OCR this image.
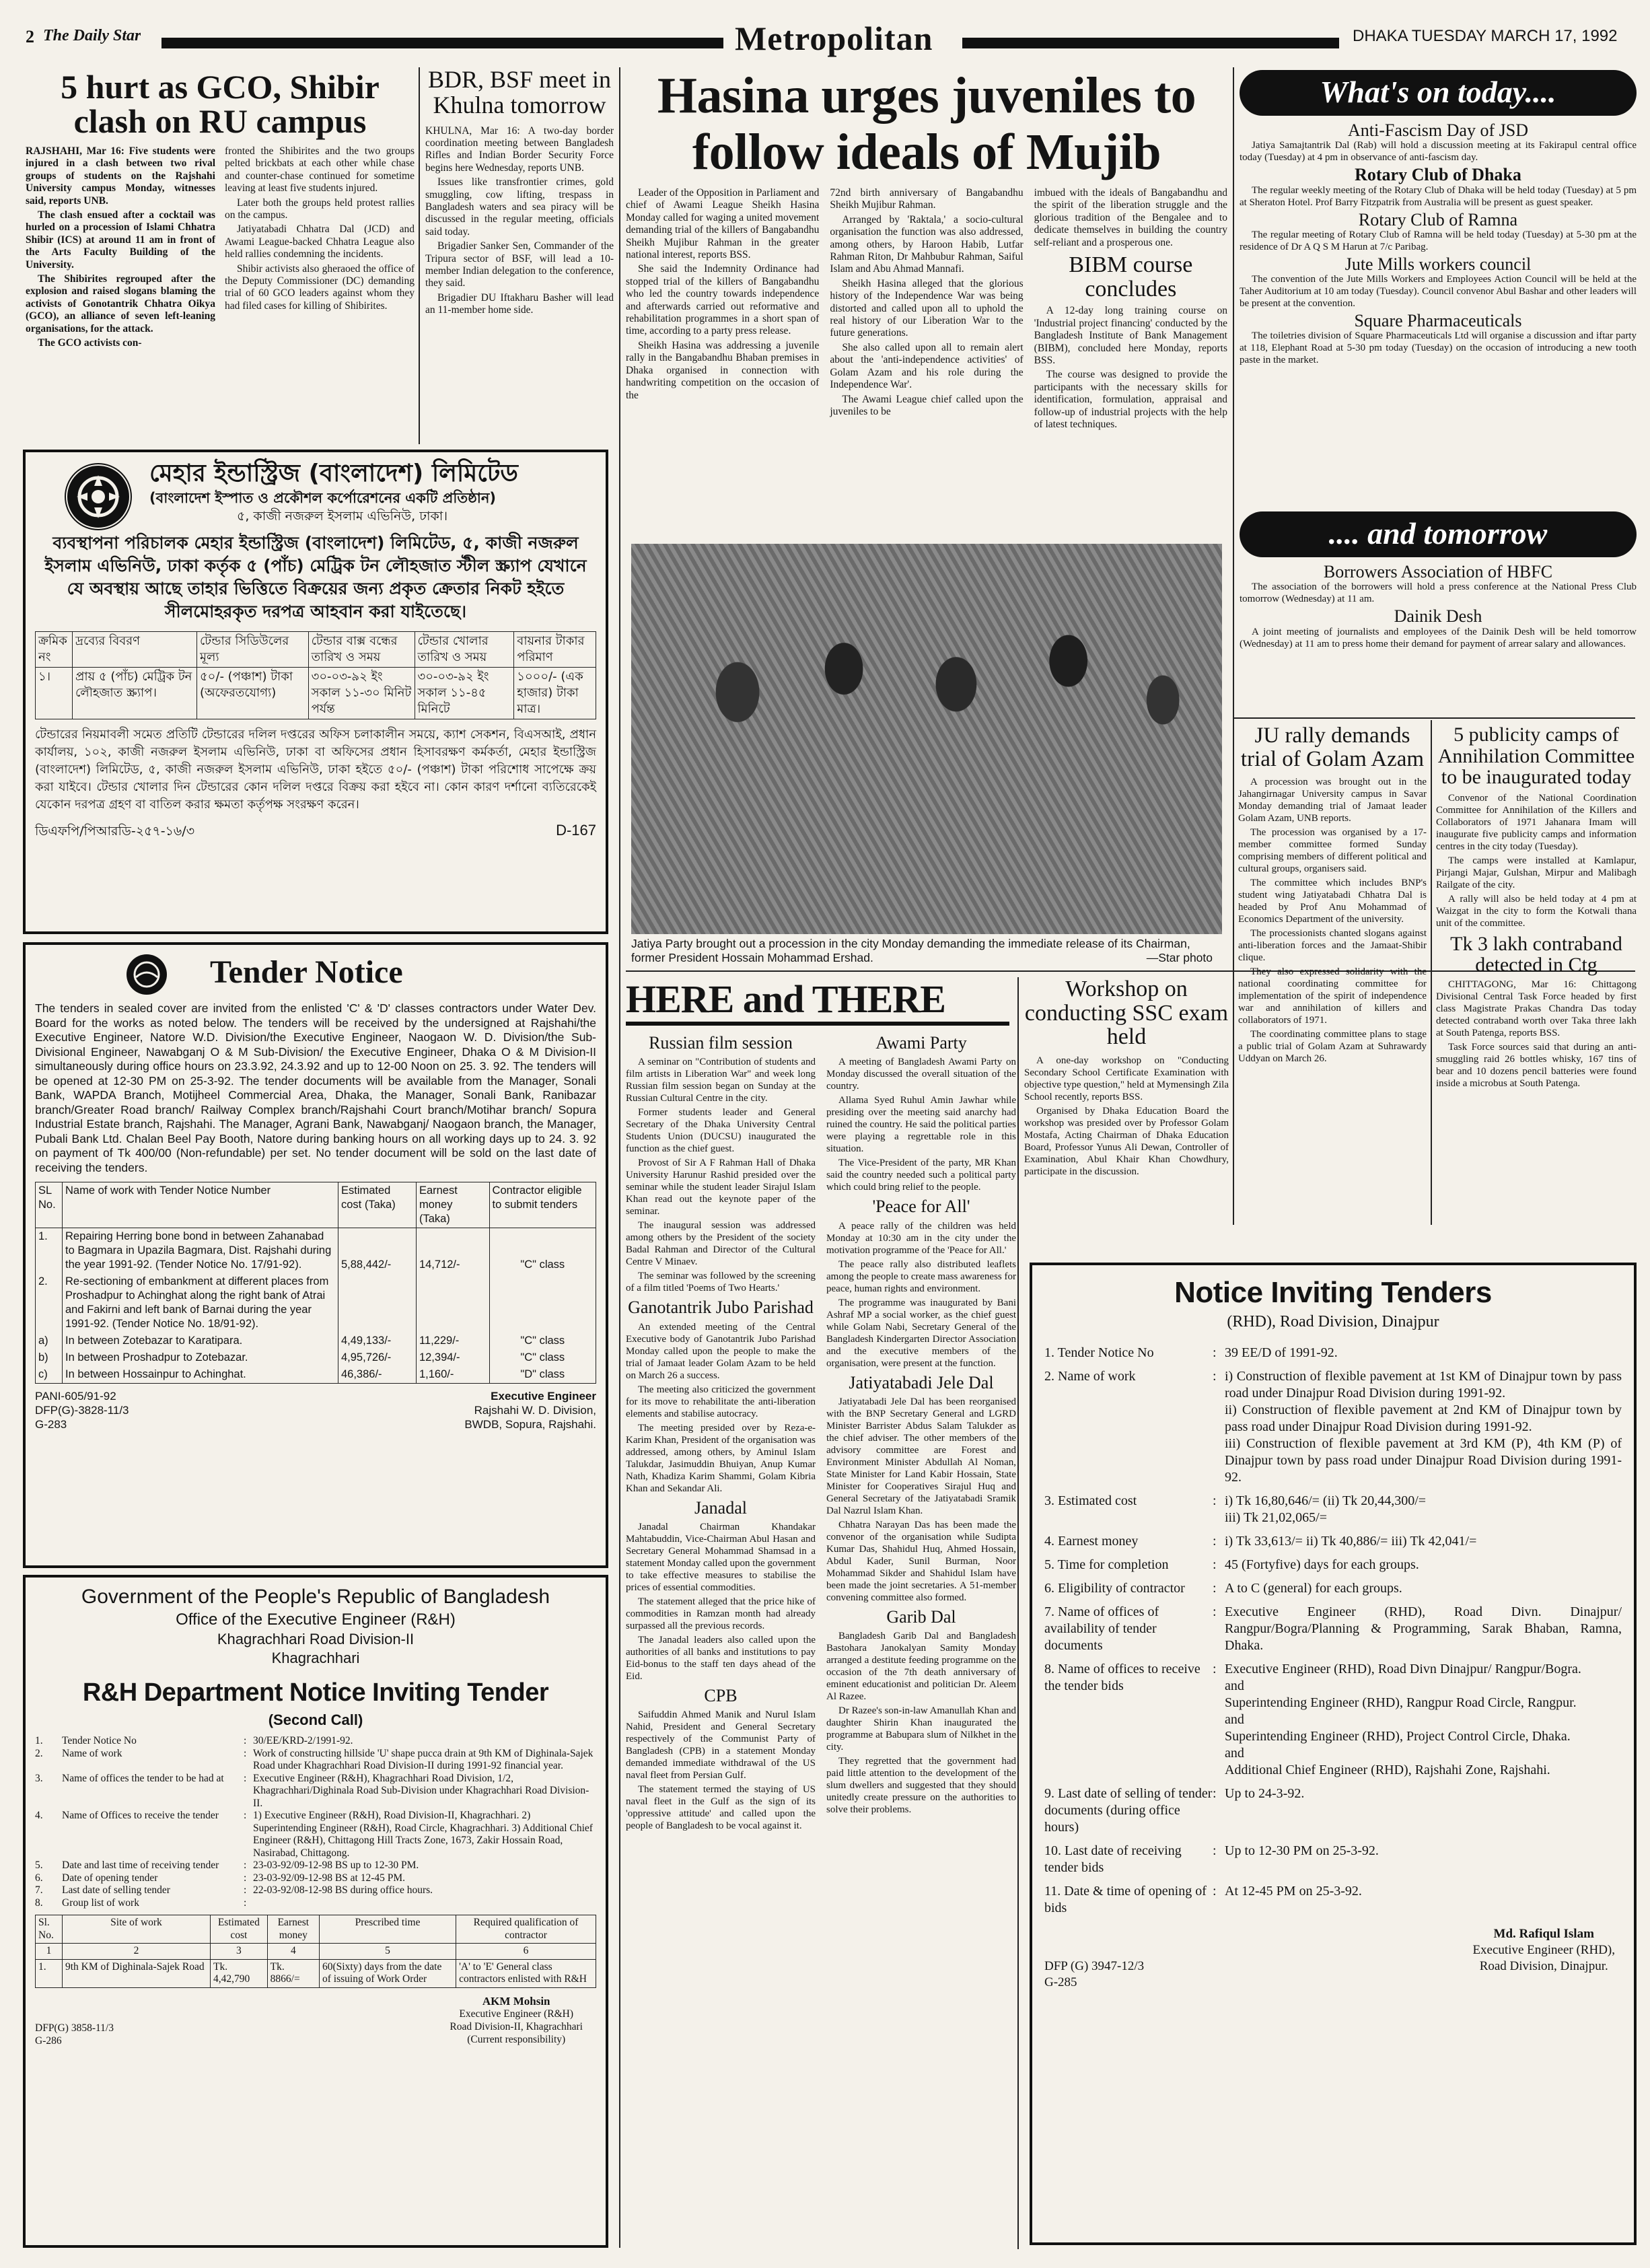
2 The Daily Star	Metropolitan	DHAKA TUESDAY MARCH 17, 1992
5 hurt as GCO, Shibir clash on RU campus

RAJSHAHI, Mar 16: Five students were injured in a clash between two rival groups of students on the Rajshahi University campus Monday, witnesses said, reports UNB.

The clash ensued after a cocktail was hurled on a procession of Islami Chhatra Shibir (ICS) at around 11 am in front of the Arts Faculty Building of the University.

The Shibirites regrouped after the explosion and raised slogans blaming the activists of Gonotantrik Chhatra Oikya (GCO), an alliance of seven left-leaning organisations, for the attack.

The GCO activists con-

fronted the Shibirites and the two groups pelted brickbats at each other while chase and counter-chase continued for sometime leaving at least five students injured.

Later both the groups held protest rallies on the campus.

Jatiyatabadi Chhatra Dal (JCD) and Awami League-backed Chhatra League also held rallies condemning the incidents.

Shibir activists also gheraoed the office of the Deputy Commissioner (DC) demanding trial of 60 GCO leaders against whom they had filed cases for killing of Shibirites.

BDR, BSF meet in Khulna tomorrow

KHULNA, Mar 16: A two-day border coordination meeting between Bangladesh Rifles and Indian Border Security Force begins here Wednesday, reports UNB.

Issues like transfrontier crimes, gold smuggling, cow lifting, trespass in Bangladesh waters and sea piracy will be discussed in the regular meeting, officials said today.

Brigadier Sanker Sen, Commander of the Tripura sector of BSF, will lead a 10-member Indian delegation to the conference, they said.

Brigadier DU Iftakharu Basher will lead an 11-member home side.

মেহার ইন্ডাস্ট্রিজ (বাংলাদেশ) লিমিটেড
(বাংলাদেশ ইস্পাত ও প্রকৌশল কর্পোরেশনের একটি প্রতিষ্ঠান)
৫, কাজী নজরুল ইসলাম এভিনিউ, ঢাকা।
ব্যবস্থাপনা পরিচালক মেহার ইন্ডাস্ট্রিজ (বাংলাদেশ) লিমিটেড, ৫, কাজী নজরুল ইসলাম এভিনিউ, ঢাকা কর্তৃক ৫ (পাঁচ) মেট্রিক টন লৌহজাত স্টীল স্ক্র্যাপ যেখানে যে অবস্থায় আছে তাহার ভিত্তিতে বিক্রয়ের জন্য প্রকৃত ক্রেতার নিকট হইতে সীলমোহরকৃত দরপত্র আহবান করা যাইতেছে।
ক্রমিক নং	দ্রব্যের বিবরণ	টেন্ডার সিডিউলের মূল্য	টেন্ডার বাক্স বন্ধের তারিখ ও সময়	টেন্ডার খোলার তারিখ ও সময়	বায়নার টাকার পরিমাণ
১।	প্রায় ৫ (পাঁচ) মেট্রিক টন লৌহজাত স্ক্র্যাপ।	৫০/- (পঞ্চাশ) টাকা (অফেরতযোগ্য)	৩০-০৩-৯২ ইং সকাল ১১-৩০ মিনিট পর্যন্ত	৩০-০৩-৯২ ইং সকাল ১১-৪৫ মিনিটে	১০০০/- (এক হাজার) টাকা মাত্র।
টেন্ডারের নিয়মাবলী সমেত প্রতিটি টেন্ডারের দলিল দপ্তরের অফিস চলাকালীন সময়ে, ক্যাশ সেকশন, বিএসআই, প্রধান কার্যালয়, ১০২, কাজী নজরুল ইসলাম এভিনিউ, ঢাকা বা অফিসের প্রধান হিসাবরক্ষণ কর্মকর্তা, মেহার ইন্ডাস্ট্রিজ (বাংলাদেশ) লিমিটেড, ৫, কাজী নজরুল ইসলাম এভিনিউ, ঢাকা হইতে ৫০/- (পঞ্চাশ) টাকা পরিশোধ সাপেক্ষে ক্রয় করা যাইবে। টেন্ডার খোলার দিন টেন্ডারের কোন দলিল দপ্তরে বিক্রয় করা হইবে না। কোন কারণ দর্শানো ব্যতিরেকেই যেকোন দরপত্র গ্রহণ বা বাতিল করার ক্ষমতা কর্তৃপক্ষ সংরক্ষণ করেন।
ডিএফপি/পিআরডি-২৫৭-১৬/৩	D-167
Tender Notice
The tenders in sealed cover are invited from the enlisted 'C' & 'D' classes contractors under Water Dev. Board for the works as noted below. The tenders will be received by the undersigned at Rajshahi/the Executive Engineer, Natore W.D. Division/the Executive Engineer, Naogaon W. D. Division/the Sub-Divisional Engineer, Nawabganj O & M Sub-Division/ the Executive Engineer, Dhaka O & M Division-II simultaneously during office hours on 23.3.92, 24.3.92 and up to 12-00 Noon on 25. 3. 92. The tenders will be opened at 12-30 PM on 25-3-92. The tender documents will be available from the Manager, Sonali Bank, WAPDA Branch, Motijheel Commercial Area, Dhaka, the Manager, Sonali Bank, Ranibazar branch/Greater Road branch/ Railway Complex branch/Rajshahi Court branch/Motihar branch/ Sopura Industrial Estate branch, Rajshahi. The Manager, Agrani Bank, Nawabganj/ Naogaon branch, the Manager, Pubali Bank Ltd. Chalan Beel Pay Booth, Natore during banking hours on all working days up to 24. 3. 92 on payment of Tk 400/00 (Non-refundable) per set. No tender document will be sold on the last date of receiving the tenders.
SL No.	Name of work with Tender Notice Number	Estimated cost (Taka)	Earnest money (Taka)	Contractor eligible to submit tenders
1.	Repairing Herring bone bond in between Zahanabad to Bagmara in Upazila Bagmara, Dist. Rajshahi during the year 1991-92. (Tender Notice No. 17/91-92).	5,88,442/-	14,712/-	"C" class
2.	Re-sectioning of embankment at different places from Proshadpur to Achinghat along the right bank of Atrai and Fakirni and left bank of Barnai during the year 1991-92. (Tender Notice No. 18/91-92).			
a)	In between Zotebazar to Karatipara.	4,49,133/-	11,229/-	"C" class
b)	In between Proshadpur to Zotebazar.	4,95,726/-	12,394/-	"C" class
c)	In between Hossainpur to Achinghat.	46,386/-	1,160/-	"D" class
PANI-605/91-92
DFP(G)-3828-11/3
G-283
Executive Engineer
Rajshahi W. D. Division,
BWDB, Sopura, Rajshahi.
Government of the People's Republic of Bangladesh
Office of the Executive Engineer (R&H)
Khagrachhari Road Division-II
Khagrachhari
R&H Department Notice Inviting Tender
(Second Call)
1.	Tender Notice No	: 30/EE/KRD-2/1991-92.
2.	Name of work	: Work of constructing hillside 'U' shape pucca drain at 9th KM of Dighinala-Sajek Road under Khagrachhari Road Division-II during 1991-92 financial year.
3.	Name of offices the tender to be had at	: Executive Engineer (R&H), Khagrachhari Road Division, 1/2, Khagrachhari/Dighinala Road Sub-Division under Khagrachhari Road Division-II.
4.	Name of Offices to receive the tender	: 1) Executive Engineer (R&H), Road Division-II, Khagrachhari. 2) Superintending Engineer (R&H), Road Circle, Khagrachhari. 3) Additional Chief Engineer (R&H), Chittagong Hill Tracts Zone, 1673, Zakir Hossain Road, Nasirabad, Chittagong.
5.	Date and last time of receiving tender	: 23-03-92/09-12-98 BS up to 12-30 PM.
6.	Date of opening tender	: 23-03-92/09-12-98 BS at 12-45 PM.
7.	Last date of selling tender	: 22-03-92/08-12-98 BS during office hours.
8.	Group list of work	:
Sl. No.	Site of work	Estimated cost	Earnest money	Prescribed time	Required qualification of contractor
1	2	3	4	5	6
1.	9th KM of Dighinala-Sajek Road	Tk. 4,42,790	Tk. 8866/=	60(Sixty) days from the date of issuing of Work Order	'A' to 'E' General class contractors enlisted with R&H
DFP(G) 3858-11/3
G-286
AKM Mohsin
Executive Engineer (R&H)
Road Division-II, Khagrachhari
(Current responsibility)
Hasina urges juveniles to follow ideals of Mujib

Leader of the Opposition in Parliament and chief of Awami League Sheikh Hasina Monday called for waging a united movement demanding trial of the killers of Bangabandhu Sheikh Mujibur Rahman in the greater national interest, reports BSS.

She said the Indemnity Ordinance had stopped trial of the killers of Bangabandhu who led the country towards independence and afterwards carried out reformative and rehabilitation programmes in a short span of time, according to a party press release.

Sheikh Hasina was addressing a juvenile rally in the Bangabandhu Bhaban premises in Dhaka organised in connection with handwriting competition on the occasion of the

72nd birth anniversary of Bangabandhu Sheikh Mujibur Rahman.

Arranged by 'Raktala,' a socio-cultural organisation the function was also addressed, among others, by Haroon Habib, Lutfar Rahman Riton, Dr Mahbubur Rahman, Saiful Islam and Abu Ahmad Mannafi.

Sheikh Hasina alleged that the glorious history of the Independence War was being distorted and called upon all to uphold the real history of our Liberation War to the future generations.

She also called upon all to remain alert about the 'anti-independence activities' of Golam Azam and his role during the Independence War'.

The Awami League chief called upon the juveniles to be

imbued with the ideals of Bangabandhu and the spirit of the liberation struggle and the glorious tradition of the Bengalee and to dedicate themselves in building the country self-reliant and a prosperous one.

BIBM course concludes

A 12-day long training course on 'Industrial project financing' conducted by the Bangladesh Institute of Bank Management (BIBM), concluded here Monday, reports BSS.

The course was designed to provide the participants with the necessary skills for identification, formulation, appraisal and follow-up of industrial projects with the help of latest techniques.

Jatiya Party brought out a procession in the city Monday demanding the immediate release of its Chairman, former President Hossain Mohammad Ershad.	—Star photo
HERE and THERE
Russian film session

A seminar on "Contribution of students and film artists in Liberation War" and week long Russian film session began on Sunday at the Russian Cultural Centre in the city.

Former students leader and General Secretary of the Dhaka University Central Students Union (DUCSU) inaugurated the function as the chief guest.

Provost of Sir A F Rahman Hall of Dhaka University Harunur Rashid presided over the seminar while the student leader Sirajul Islam Khan read out the keynote paper of the seminar.

The inaugural session was addressed among others by the President of the society Badal Rahman and Director of the Cultural Centre V Minaev.

The seminar was followed by the screening of a film titled 'Poems of Two Hearts.'

Ganotantrik Jubo Parishad

An extended meeting of the Central Executive body of Ganotantrik Jubo Parishad Monday called upon the people to make the trial of Jamaat leader Golam Azam to be held on March 26 a success.

The meeting also criticized the government for its move to rehabilitate the anti-liberation elements and stabilise autocracy.

The meeting presided over by Reza-e-Karim Khan, President of the organisation was addressed, among others, by Aminul Islam Talukdar, Jasimuddin Bhuiyan, Anup Kumar Nath, Khadiza Karim Shammi, Golam Kibria Khan and Sekandar Ali.

Janadal

Janadal Chairman Khandakar Mahtabuddin, Vice-Chairman Abul Hasan and Secretary General Mohammad Shamsad in a statement Monday called upon the government to take effective measures to stabilise the prices of essential commodities.

The statement alleged that the price hike of commodities in Ramzan month had already surpassed all the previous records.

The Janadal leaders also called upon the authorities of all banks and institutions to pay Eid-bonus to the staff ten days ahead of the Eid.

CPB

Saifuddin Ahmed Manik and Nurul Islam Nahid, President and General Secretary respectively of the Communist Party of Bangladesh (CPB) in a statement Monday demanded immediate withdrawal of the US naval fleet from Persian Gulf.

The statement termed the staying of US naval fleet in the Gulf as the sign of its 'oppressive attitude' and called upon the people of Bangladesh to be vocal against it.

Awami Party

A meeting of Bangladesh Awami Party on Monday discussed the overall situation of the country.

Allama Syed Ruhul Amin Jawhar while presiding over the meeting said anarchy had ruined the country. He said the political parties were playing a regrettable role in this situation.

The Vice-President of the party, MR Khan said the country needed such a political party which could bring relief to the people.

'Peace for All'

A peace rally of the children was held Monday at 10:30 am in the city under the motivation programme of the 'Peace for All.'

The peace rally also distributed leaflets among the people to create mass awareness for peace, human rights and environment.

The programme was inaugurated by Bani Ashraf MP a social worker, as the chief guest while Golam Nabi, Secretary General of the Bangladesh Kindergarten Director Association and the executive members of the organisation, were present at the function.

Jatiyatabadi Jele Dal

Jatiyatabadi Jele Dal has been reorganised with the BNP Secretary General and LGRD Minister Barrister Abdus Salam Talukder as the chief adviser. The other members of the advisory committee are Forest and Environment Minister Abdullah Al Noman, State Minister for Land Kabir Hossain, State Minister for Cooperatives Sirajul Huq and General Secretary of the Jatiyatabadi Sramik Dal Nazrul Islam Khan.

Chhatra Narayan Das has been made the convenor of the organisation while Sudipta Kumar Das, Shahidul Huq, Ahmed Hossain, Abdul Kader, Sunil Burman, Noor Mohammad Sikder and Shahidul Islam have been made the joint secretaries. A 51-member convening committee also formed.

Garib Dal

Bangladesh Garib Dal and Bangladesh Bastohara Janokalyan Samity Monday arranged a destitute feeding programme on the occasion of the 7th death anniversary of eminent educationist and politician Dr. Aleem Al Razee.

Dr Razee's son-in-law Amanullah Khan and daughter Shirin Khan inaugurated the programme at Babupara slum of Nilkhet in the city.

They regretted that the government had paid little attention to the development of the slum dwellers and suggested that they should unitedly create pressure on the authorities to solve their problems.

Workshop on conducting SSC exam held

A one-day workshop on "Conducting Secondary School Certificate Examination with objective type question," held at Mymensingh Zila School recently, reports BSS.

Organised by Dhaka Education Board the workshop was presided over by Professor Golam Mostafa, Acting Chairman of Dhaka Education Board, Professor Yunus Ali Dewan, Controller of Examination, Abul Khair Khan Chowdhury, participate in the discussion.

What's on today....
Anti-Fascism Day of JSD

Jatiya Samajtantrik Dal (Rab) will hold a discussion meeting at its Fakirapul central office today (Tuesday) at 4 pm in observance of anti-fascism day.

Rotary Club of Dhaka

The regular weekly meeting of the Rotary Club of Dhaka will be held today (Tuesday) at 5 pm at Sheraton Hotel. Prof Barry Fitzpatrik from Australia will be present as guest speaker.

Rotary Club of Ramna

The regular meeting of Rotary Club of Ramna will be held today (Tuesday) at 5-30 pm at the residence of Dr A Q S M Harun at 7/c Paribag.

Jute Mills workers council

The convention of the Jute Mills Workers and Employees Action Council will be held at the Taher Auditorium at 10 am today (Tuesday). Council convenor Abul Bashar and other leaders will be present at the convention.

Square Pharmaceuticals

The toiletries division of Square Pharmaceuticals Ltd will organise a discussion and iftar party at 118, Elephant Road at 5-30 pm today (Tuesday) on the occasion of introducing a new tooth paste in the market.

.... and tomorrow
Borrowers Association of HBFC

The association of the borrowers will hold a press conference at the National Press Club tomorrow (Wednesday) at 11 am.

Dainik Desh

A joint meeting of journalists and employees of the Dainik Desh will be held tomorrow (Wednesday) at 11 am to press home their demand for payment of arrear salary and allowances.

JU rally demands trial of Golam Azam

A procession was brought out in the Jahangirnagar University campus in Savar Monday demanding trial of Jamaat leader Golam Azam, UNB reports.

The procession was organised by a 17-member committee formed Sunday comprising members of different political and cultural groups, organisers said.

The committee which includes BNP's student wing Jatiyatabadi Chhatra Dal is headed by Prof Anu Mohammad of Economics Department of the university.

The processionists chanted slogans against anti-liberation forces and the Jamaat-Shibir clique.

They also expressed solidarity with the national coordinating committee for implementation of the spirit of independence war and annihilation of killers and collaborators of 1971.

The coordinating committee plans to stage a public trial of Golam Azam at Suhrawardy Uddyan on March 26.

5 publicity camps of Annihilation Committee to be inaugurated today

Convenor of the National Coordination Committee for Annihilation of the Killers and Collaborators of 1971 Jahanara Imam will inaugurate five publicity camps and information centres in the city today (Tuesday).

The camps were installed at Kamlapur, Pirjangi Majar, Gulshan, Mirpur and Malibagh Railgate of the city.

A rally will also be held today at 4 pm at Waizgat in the city to form the Kotwali thana unit of the committee.

Tk 3 lakh contraband detected in Ctg

CHITTAGONG, Mar 16: Chittagong Divisional Central Task Force headed by first class Magistrate Prakas Chandra Das today detected contraband worth over Taka three lakh at South Patenga, reports BSS.

Task Force sources said that during an anti-smuggling raid 26 bottles whisky, 167 tins of bear and 10 dozens pencil batteries were found inside a microbus at South Patenga.

Notice Inviting Tenders
(RHD), Road Division, Dinajpur
1. Tender Notice No	: 39 EE/D of 1991-92.
2. Name of work	: i) Construction of flexible pavement at 1st KM of Dinajpur town by pass road under Dinajpur Road Division during 1991-92.
ii) Construction of flexible pavement at 2nd KM of Dinajpur town by pass road under Dinajpur Road Division during 1991-92.
iii) Construction of flexible pavement at 3rd KM (P), 4th KM (P) of Dinajpur town by pass road under Dinajpur Road Division during 1991-92.
3. Estimated cost	: i) Tk 16,80,646/= (ii) Tk 20,44,300/=
iii) Tk 21,02,065/=
4. Earnest money	: i) Tk 33,613/= ii) Tk 40,886/= iii) Tk 42,041/=
5. Time for completion	: 45 (Fortyfive) days for each groups.
6. Eligibility of contractor	: A to C (general) for each groups.
7. Name of offices of availability of tender documents
: Executive Engineer (RHD), Road Divn. Dinajpur/ Rangpur/Bogra/Planning & Programming, Sarak Bhaban, Ramna, Dhaka.
8. Name of offices to receive the tender bids
: Executive Engineer (RHD), Road Divn Dinajpur/ Rangpur/Bogra.
and
Superintending Engineer (RHD), Rangpur Road Circle, Rangpur.
and
Superintending Engineer (RHD), Project Control Circle, Dhaka.
and
Additional Chief Engineer (RHD), Rajshahi Zone, Rajshahi.
9. Last date of selling of tender documents (during office hours)
: Up to 24-3-92.
10. Last date of receiving tender bids
: Up to 12-30 PM on 25-3-92.
11. Date & time of opening of bids
: At 12-45 PM on 25-3-92.
DFP (G) 3947-12/3
G-285
Md. Rafiqul Islam
Executive Engineer (RHD),
Road Division, Dinajpur.
